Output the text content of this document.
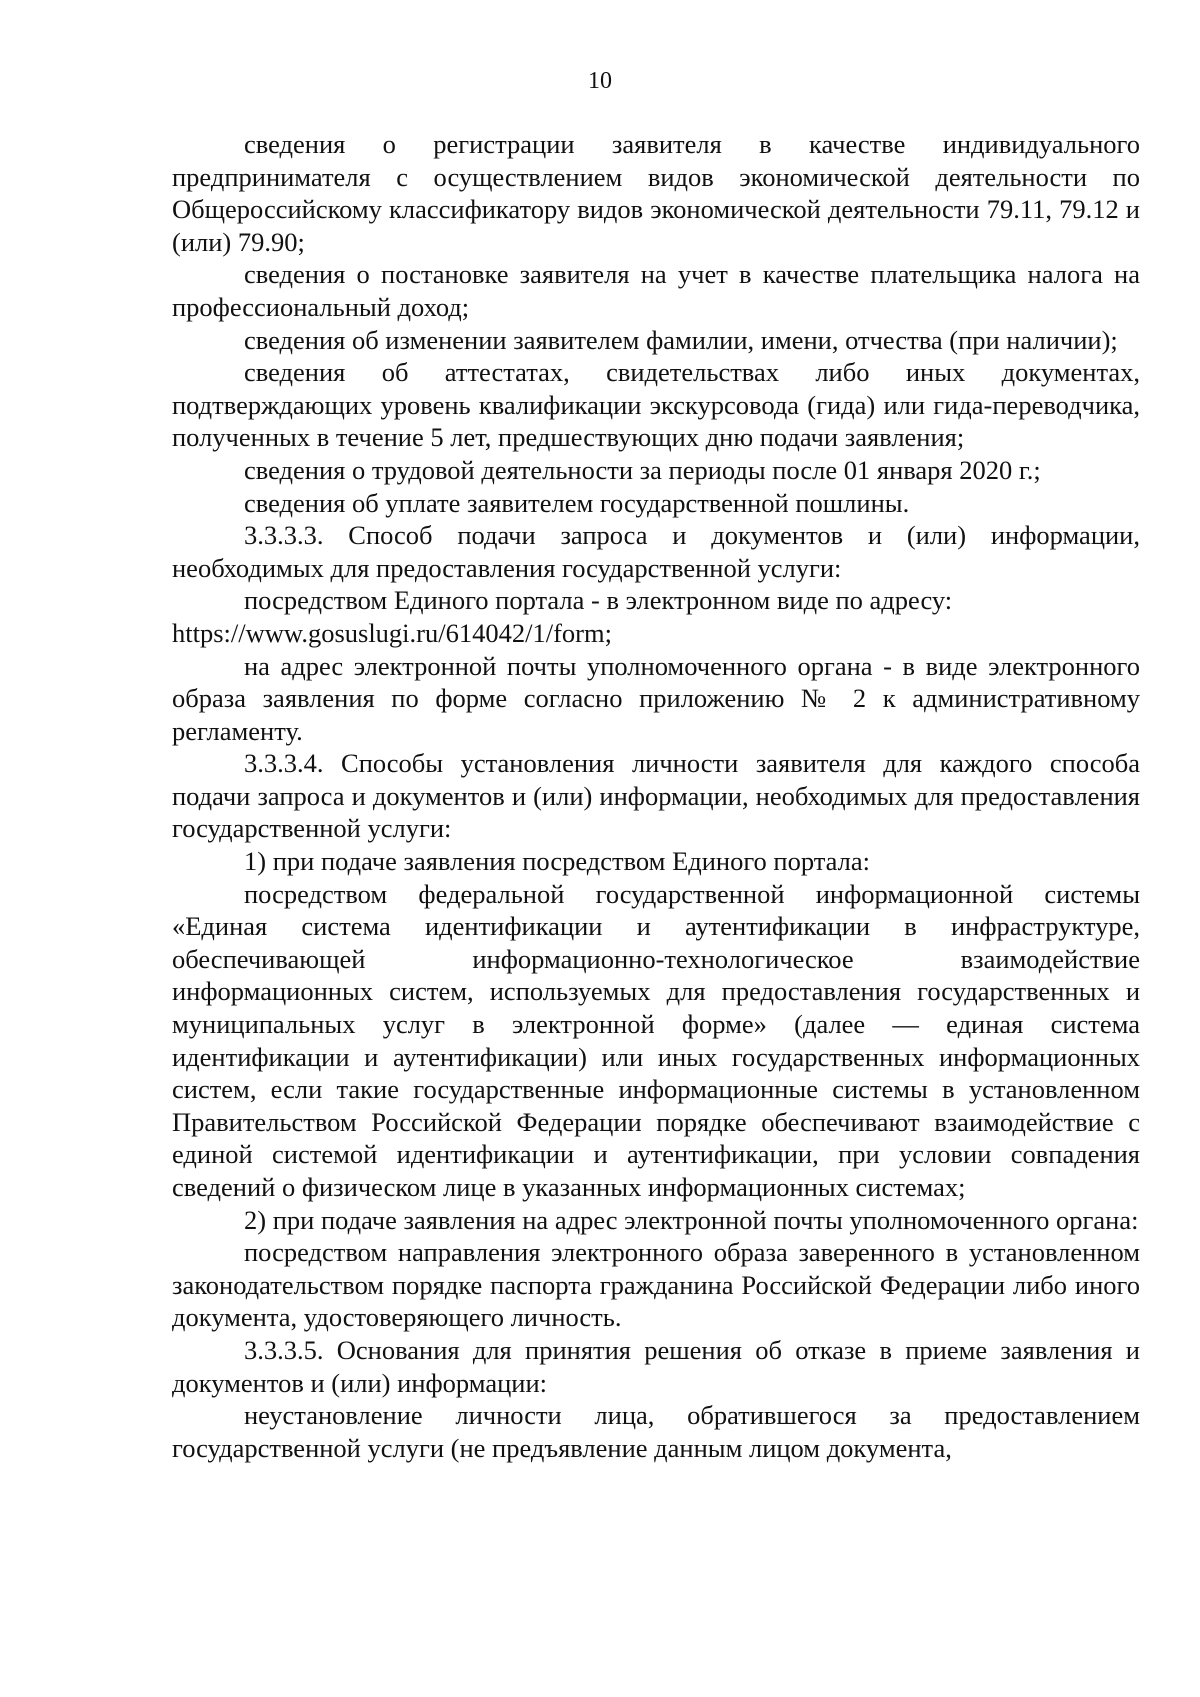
10

сведения о регистрации заявителя в качестве индивидуального предпринимателя с осуществлением видов экономической деятельности по Общероссийскому классификатору видов экономической деятельности 79.11, 79.12 и (или) 79.90;

сведения о постановке заявителя на учет в качестве плательщика налога на профессиональный доход;

сведения об изменении заявителем фамилии, имени, отчества (при наличии);

сведения об аттестатах, свидетельствах либо иных документах, подтверждающих уровень квалификации экскурсовода (гида) или гида-переводчика, полученных в течение 5 лет, предшествующих дню подачи заявления;

сведения о трудовой деятельности за периоды после 01 января 2020 г.;

сведения об уплате заявителем государственной пошлины.

3.3.3.3. Способ подачи запроса и документов и (или) информации, необходимых для предоставления государственной услуги:

посредством Единого портала - в электронном виде по адресу:

https://www.gosuslugi.ru/614042/1/form;

на адрес электронной почты уполномоченного органа - в виде электронного образа заявления по форме согласно приложению № 2 к административному регламенту.

3.3.3.4. Способы установления личности заявителя для каждого способа подачи запроса и документов и (или) информации, необходимых для предоставления государственной услуги:

1) при подаче заявления посредством Единого портала:

посредством федеральной государственной информационной системы «Единая система идентификации и аутентификации в инфраструктуре, обеспечивающей информационно-технологическое взаимодействие информационных систем, используемых для предоставления государственных и муниципальных услуг в электронной форме» (далее — единая система идентификации и аутентификации) или иных государственных информационных систем, если такие государственные информационные системы в установленном Правительством Российской Федерации порядке обеспечивают взаимодействие с единой системой идентификации и аутентификации, при условии совпадения сведений о физическом лице в указанных информационных системах;

2) при подаче заявления на адрес электронной почты уполномоченного органа:

посредством направления электронного образа заверенного в установленном законодательством порядке паспорта гражданина Российской Федерации либо иного документа, удостоверяющего личность.

3.3.3.5. Основания для принятия решения об отказе в приеме заявления и документов и (или) информации:

неустановление личности лица, обратившегося за предоставлением государственной услуги (не предъявление данным лицом документа,
